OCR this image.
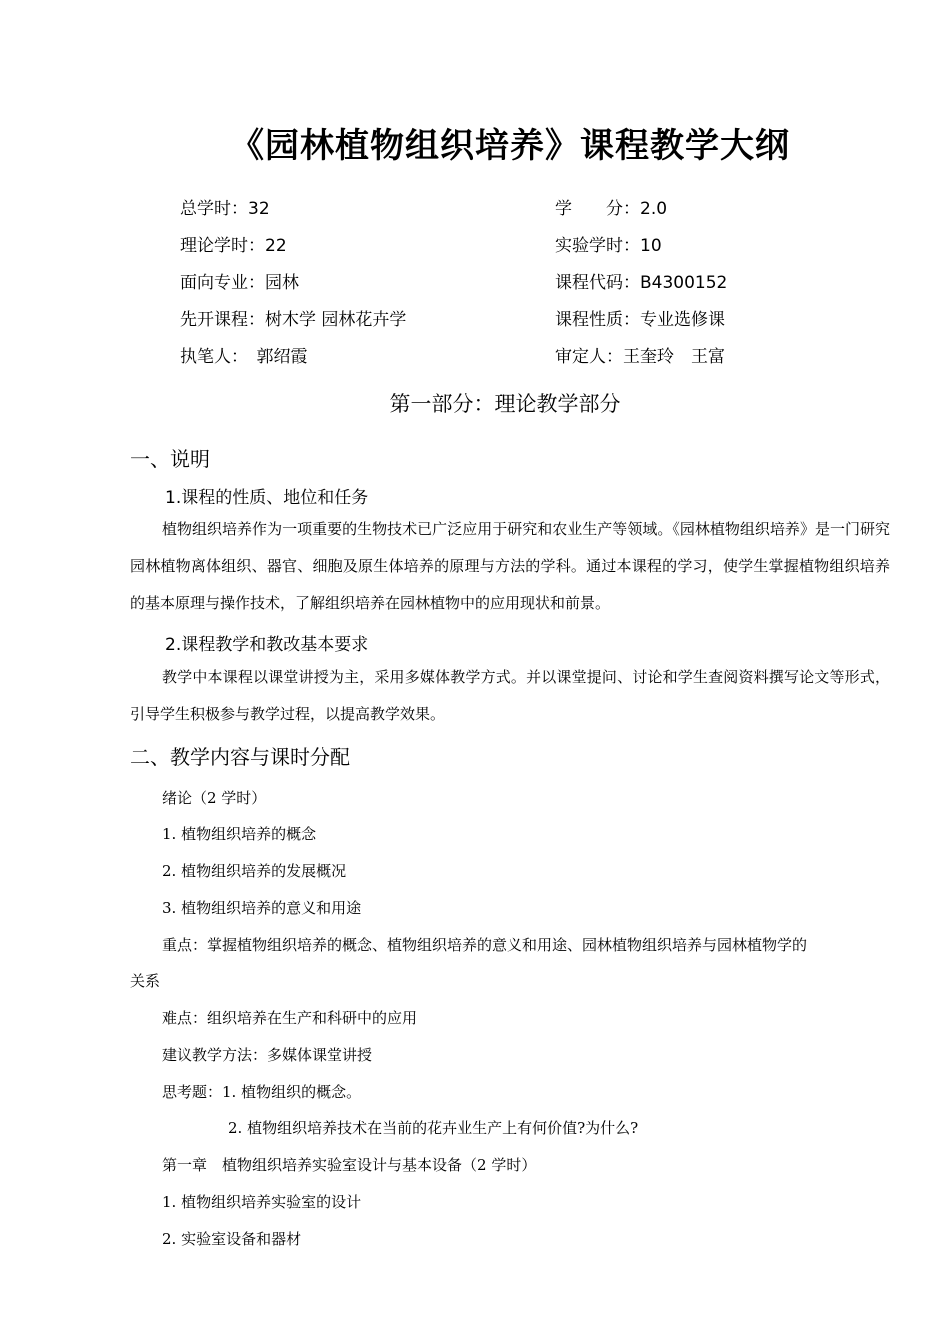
《园林植物组织培养》课程教学大纲
总学时：32	学　　分：2.0
理论学时：22	实验学时：10
面向专业：园林	课程代码：B4300152
先开课程：树木学 园林花卉学	课程性质：专业选修课
执笔人：　郭绍霞	审定人：王奎玲　王富
第一部分：理论教学部分
一、说明
1.课程的性质、地位和任务
植物组织培养作为一项重要的生物技术已广泛应用于研究和农业生产等领域。《园林植物组织培养》是一门研究园林植物离体组织、器官、细胞及原生体培养的原理与方法的学科。通过本课程的学习，使学生掌握植物组织培养的基本原理与操作技术，了解组织培养在园林植物中的应用现状和前景。
2.课程教学和教改基本要求
教学中本课程以课堂讲授为主，采用多媒体教学方式。并以课堂提问、讨论和学生查阅资料撰写论文等形式，引导学生积极参与教学过程，以提高教学效果。
二、教学内容与课时分配
绪论（2 学时）
1. 植物组织培养的概念
2. 植物组织培养的发展概况
3. 植物组织培养的意义和用途
重点：掌握植物组织培养的概念、植物组织培养的意义和用途、园林植物组织培养与园林植物学的
关系
难点：组织培养在生产和科研中的应用
建议教学方法：多媒体课堂讲授
思考题：1. 植物组织的概念。
2. 植物组织培养技术在当前的花卉业生产上有何价值?为什么?
第一章　植物组织培养实验室设计与基本设备（2 学时）
1. 植物组织培养实验室的设计
2. 实验室设备和器材
